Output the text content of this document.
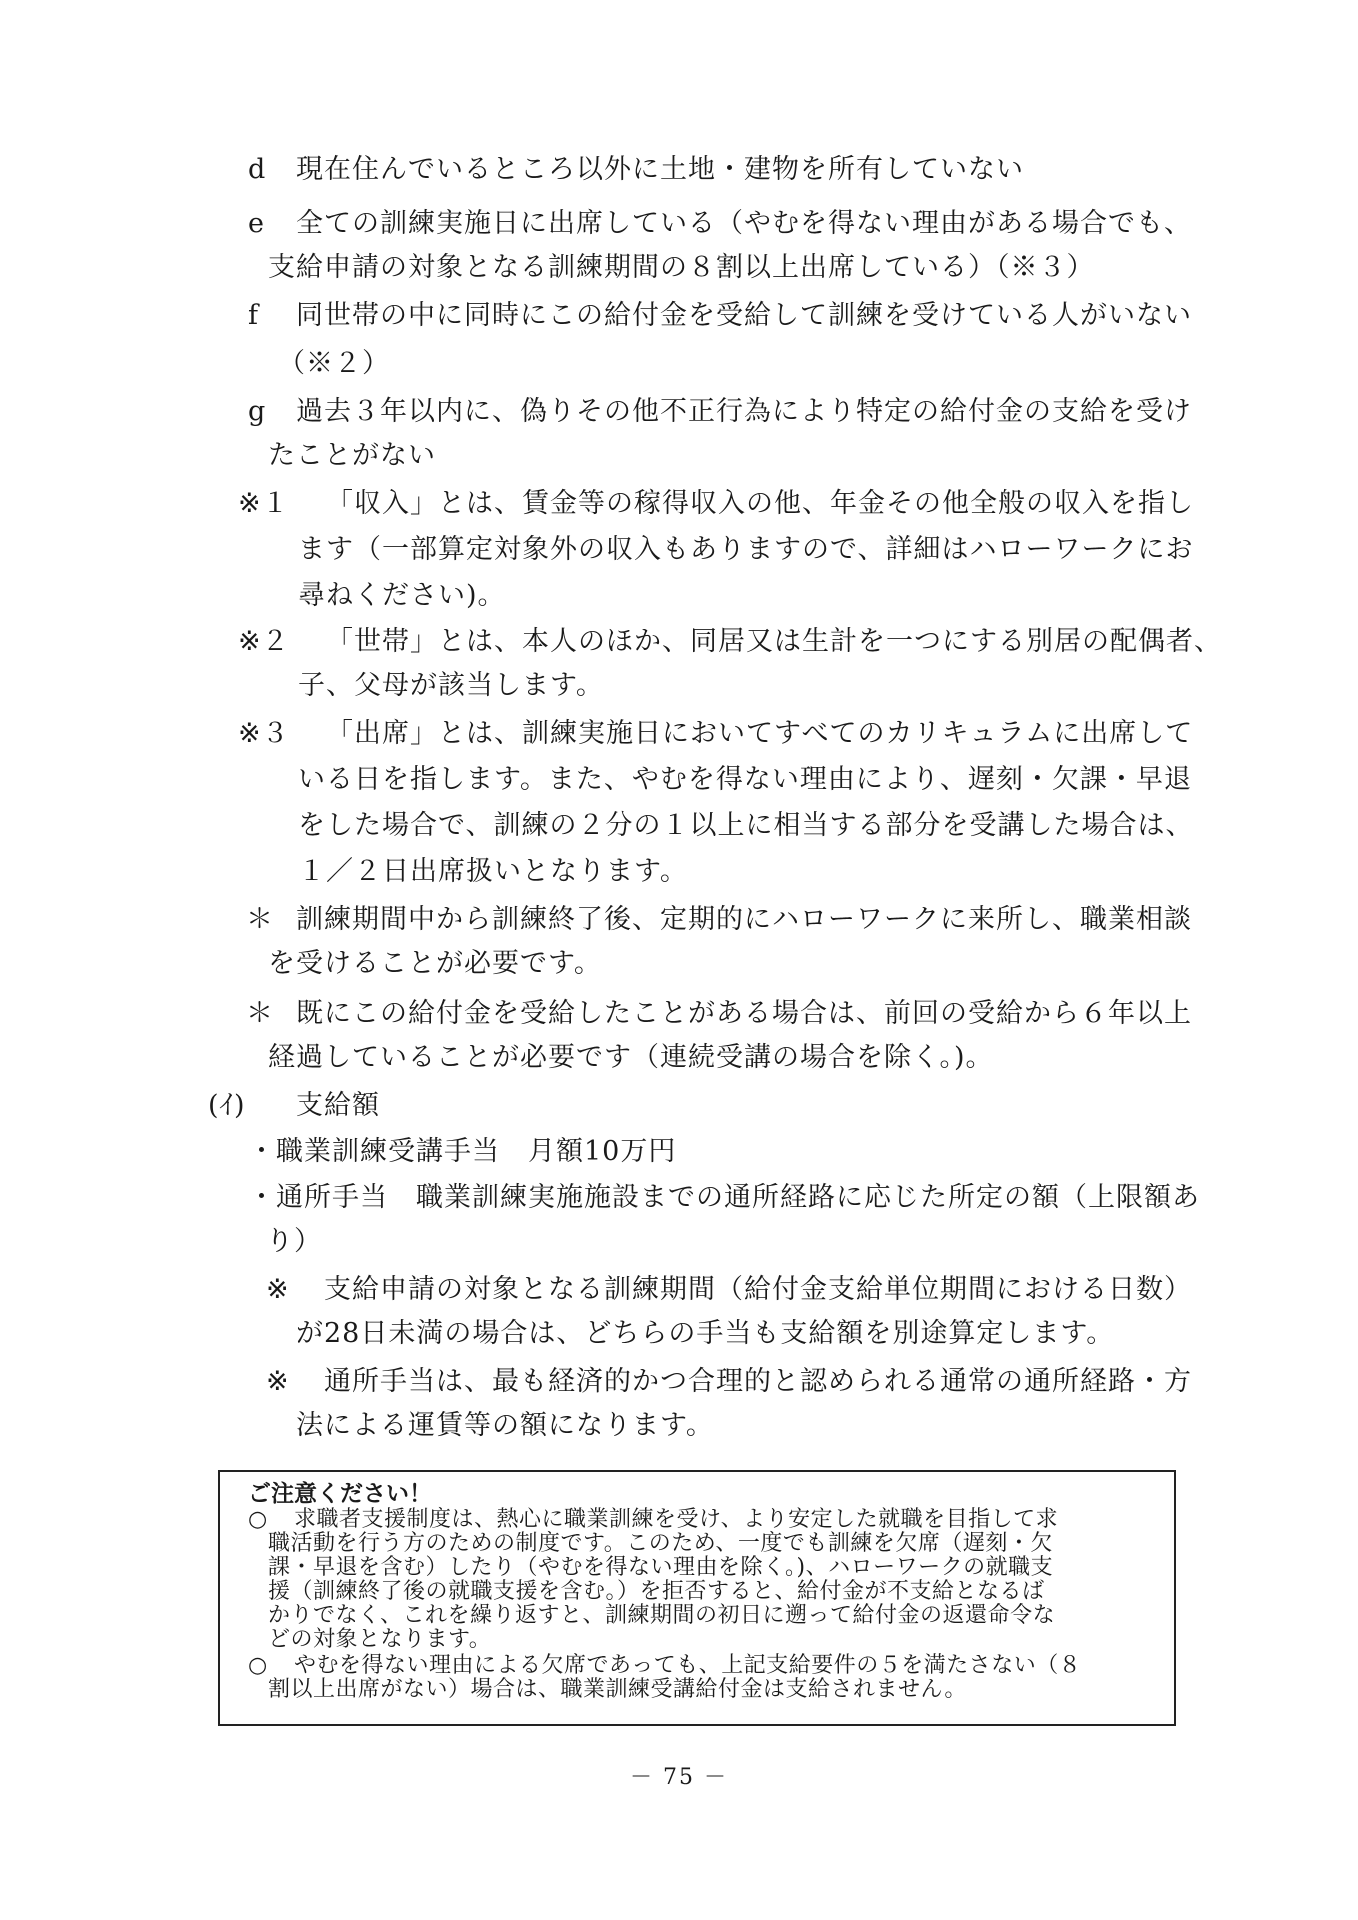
d 現在住んでいるところ以外に土地・建物を所有していない
e 全ての訓練実施日に出席している（やむを得ない理由がある場合でも、
支給申請の対象となる訓練期間の８割以上出席している）（※３）
f 同世帯の中に同時にこの給付金を受給して訓練を受けている人がいない
（※２）
g 過去３年以内に、偽りその他不正行為により特定の給付金の支給を受け
たことがない
※１ 「収入」とは、賃金等の稼得収入の他、年金その他全般の収入を指し
ます（一部算定対象外の収入もありますので、詳細はハローワークにお
尋ねください)。
※２ 「世帯」とは、本人のほか、同居又は生計を一つにする別居の配偶者、
子、父母が該当します。
※３ 「出席」とは、訓練実施日においてすべてのカリキュラムに出席して
いる日を指します。また、やむを得ない理由により、遅刻・欠課・早退
をした場合で、訓練の２分の１以上に相当する部分を受講した場合は、
１／２日出席扱いとなります。
＊ 訓練期間中から訓練終了後、定期的にハローワークに来所し、職業相談
を受けることが必要です。
＊ 既にこの給付金を受給したことがある場合は、前回の受給から６年以上
経過していることが必要です（連続受講の場合を除く。)。
(ｲ) 支給額
・職業訓練受講手当　月額10万円
・通所手当　職業訓練実施施設までの通所経路に応じた所定の額（上限額あ
り）
※ 支給申請の対象となる訓練期間（給付金支給単位期間における日数）
が28日未満の場合は、どちらの手当も支給額を別途算定します。
※ 通所手当は、最も経済的かつ合理的と認められる通常の通所経路・方
法による運賃等の額になります。
ご注意ください！
○ 求職者支援制度は、熱心に職業訓練を受け、より安定した就職を目指して求
職活動を行う方のための制度です。このため、一度でも訓練を欠席（遅刻・欠
課・早退を含む）したり（やむを得ない理由を除く。)、ハローワークの就職支
援（訓練終了後の就職支援を含む。）を拒否すると、給付金が不支給となるば
かりでなく、これを繰り返すと、訓練期間の初日に遡って給付金の返還命令な
どの対象となります。
○ やむを得ない理由による欠席であっても、上記支給要件の５を満たさない（８
割以上出席がない）場合は、職業訓練受講給付金は支給されません。
－ 75 －
